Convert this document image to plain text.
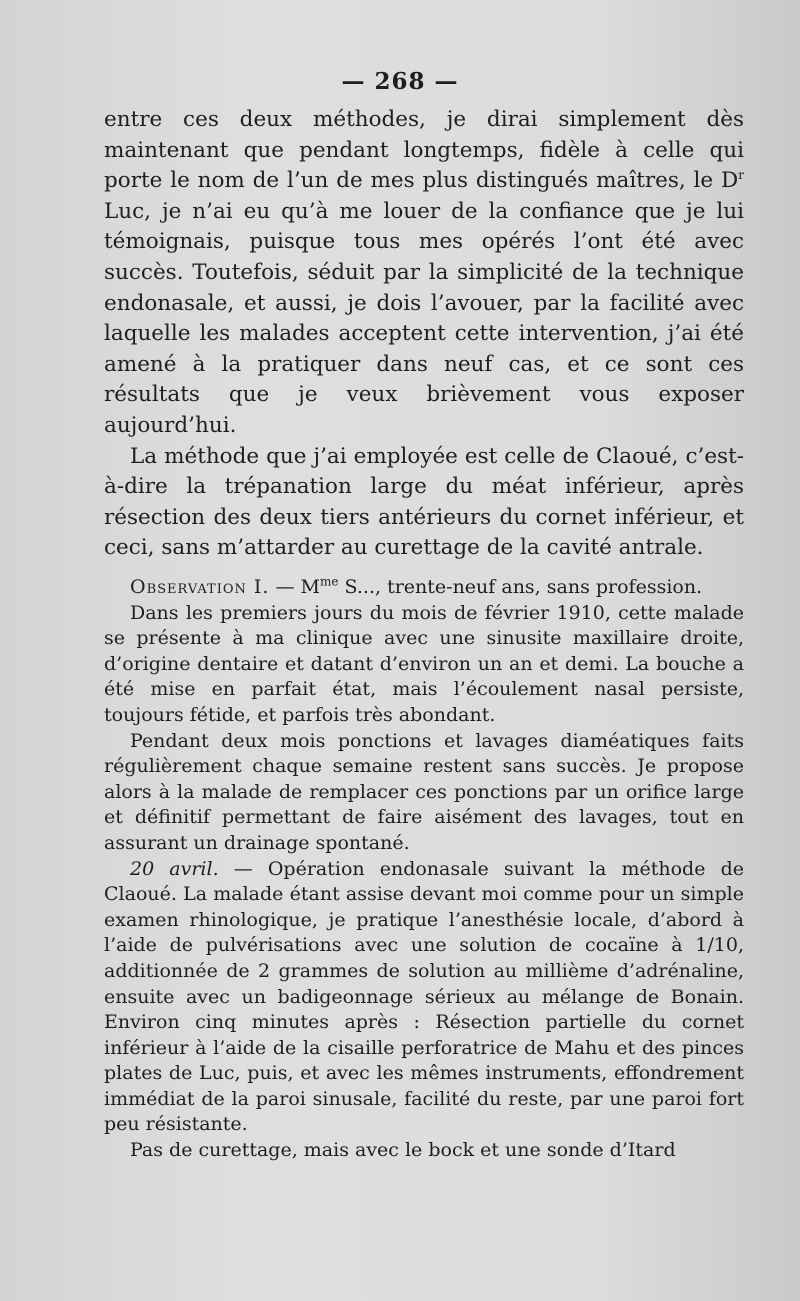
— 268 —

entre ces deux méthodes, je dirai simplement dès maintenant que pendant longtemps, fidèle à celle qui porte le nom de l’un de mes plus distingués maîtres, le $D^r$ Luc, je n’ai eu qu’à me louer de la confiance que je lui témoignais, puisque tous mes opérés l’ont été avec succès. Toutefois, séduit par la simplicité de la technique endonasale, et aussi, je dois l’avouer, par la facilité avec laquelle les malades acceptent cette intervention, j’ai été amené à la pratiquer dans neuf cas, et ce sont ces résultats que je veux brièvement vous exposer aujourd’hui.

La méthode que j’ai employée est celle de Claoué, c’est-à-dire la trépanation large du méat inférieur, après résection des deux tiers antérieurs du cornet inférieur, et ceci, sans m’attarder au curettage de la cavité antrale.

Observation I. — $M^{me}$ S..., trente-neuf ans, sans profession.

Dans les premiers jours du mois de février 1910, cette malade se présente à ma clinique avec une sinusite maxillaire droite, d’origine dentaire et datant d’environ un an et demi. La bouche a été mise en parfait état, mais l’écoulement nasal persiste, toujours fétide, et parfois très abondant.

Pendant deux mois ponctions et lavages diaméatiques faits régulièrement chaque semaine restent sans succès. Je propose alors à la malade de remplacer ces ponctions par un orifice large et définitif permettant de faire aisément des lavages, tout en assurant un drainage spontané.

20 avril. — Opération endonasale suivant la méthode de Claoué. La malade étant assise devant moi comme pour un simple examen rhinologique, je pratique l’anesthésie locale, d’abord à l’aide de pulvérisations avec une solution de cocaïne à 1/10, additionnée de 2 grammes de solution au millième d’adrénaline, ensuite avec un badigeonnage sérieux au mélange de Bonain. Environ cinq minutes après : Résection partielle du cornet inférieur à l’aide de la cisaille perforatrice de Mahu et des pinces plates de Luc, puis, et avec les mêmes instruments, effondrement immédiat de la paroi sinusale, facilité du reste, par une paroi fort peu résistante.

Pas de curettage, mais avec le bock et une sonde d’Itard
